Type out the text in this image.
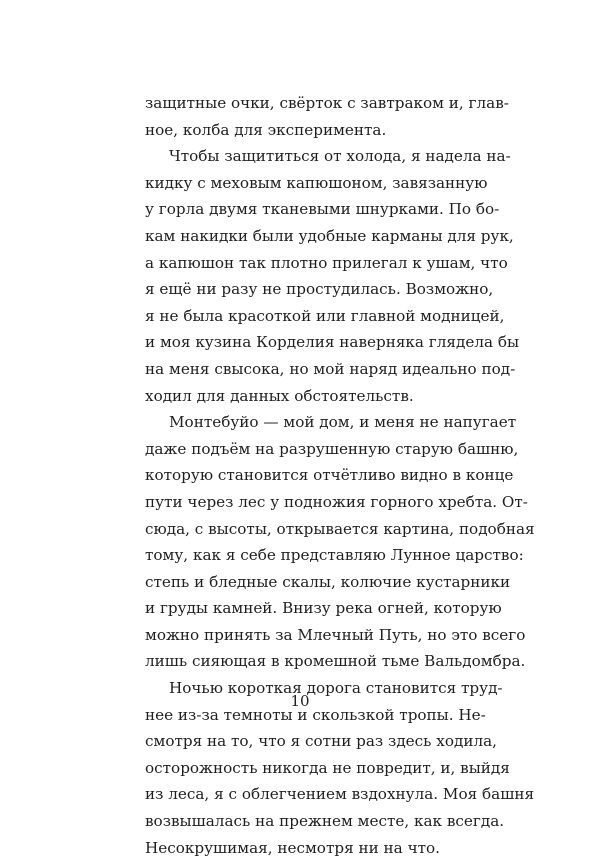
защитные очки, свёрток с завтраком и, глав-
ное, колба для эксперимента.
Чтобы защититься от холода, я надела на-
кидку с меховым капюшоном, завязанную
у горла двумя тканевыми шнурками. По бо-
кам накидки были удобные карманы для рук,
а капюшон так плотно прилегал к ушам, что
я ещё ни разу не простудилась. Возможно,
я не была красоткой или главной модницей,
и моя кузина Корделия наверняка глядела бы
на меня свысока, но мой наряд идеально под-
ходил для данных обстоятельств.
Монтебуйо — мой дом, и меня не напугает
даже подъём на разрушенную старую башню,
которую становится отчётливо видно в конце
пути через лес у подножия горного хребта. От-
сюда, с высоты, открывается картина, подобная
тому, как я себе представляю Лунное царство:
степь и бледные скалы, колючие кустарники
и груды камней. Внизу река огней, которую
можно принять за Млечный Путь, но это всего
лишь сияющая в кромешной тьме Вальдомбра.
Ночью короткая дорога становится труд-
нее из-за темноты и скользкой тропы. Не-
смотря на то, что я сотни раз здесь ходила,
осторожность никогда не повредит, и, выйдя
из леса, я с облегчением вздохнула. Моя башня
возвышалась на прежнем месте, как всегда.
Несокрушимая, несмотря ни на что.
10
